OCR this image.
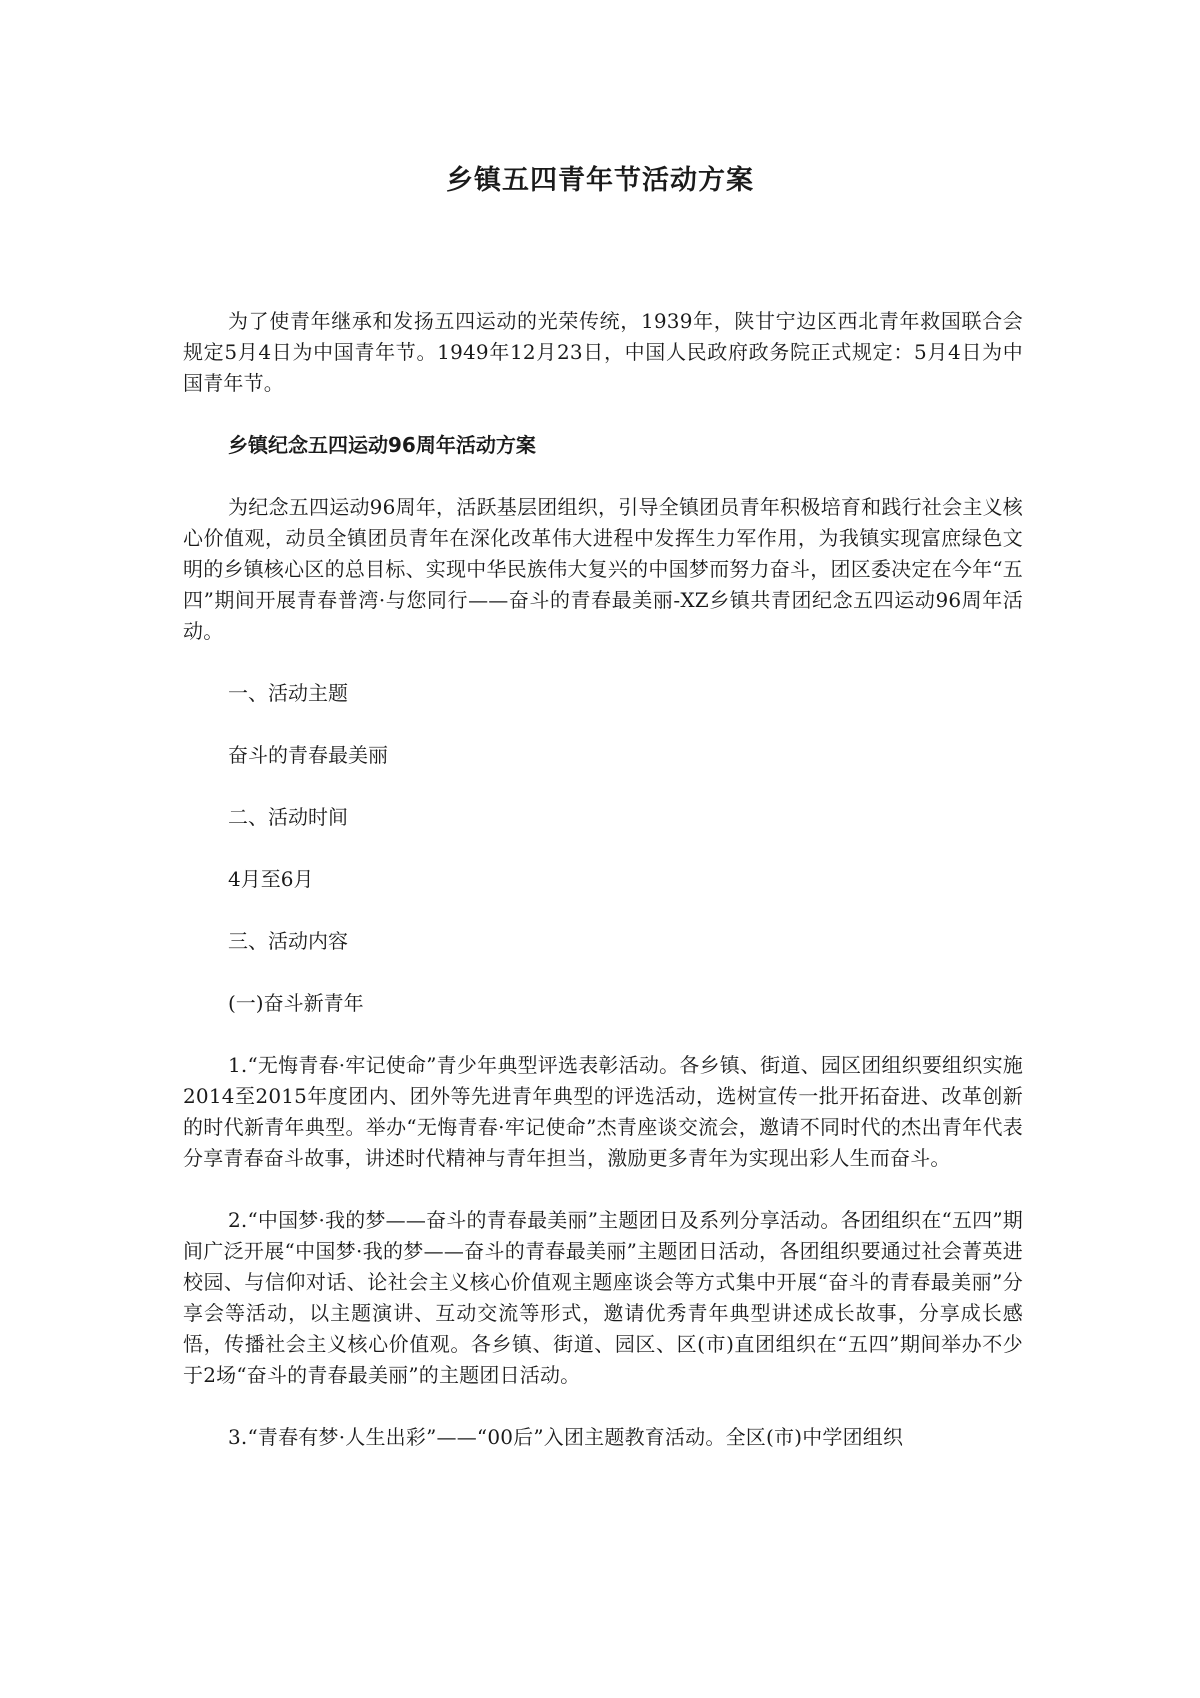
乡镇五四青年节活动方案

为了使青年继承和发扬五四运动的光荣传统，1939年，陕甘宁边区西北青年救国联合会规定5月4日为中国青年节。1949年12月23日，中国人民政府政务院正式规定：5月4日为中国青年节。

乡镇纪念五四运动96周年活动方案

为纪念五四运动96周年，活跃基层团组织，引导全镇团员青年积极培育和践行社会主义核心价值观，动员全镇团员青年在深化改革伟大进程中发挥生力军作用，为我镇实现富庶绿色文明的乡镇核心区的总目标、实现中华民族伟大复兴的中国梦而努力奋斗，团区委决定在今年“五四”期间开展青春普湾·与您同行——奋斗的青春最美丽-XZ乡镇共青团纪念五四运动96周年活动。

一、活动主题

奋斗的青春最美丽

二、活动时间

4月至6月

三、活动内容

(一)奋斗新青年

1.“无悔青春·牢记使命”青少年典型评选表彰活动。各乡镇、街道、园区团组织要组织实施2014至2015年度团内、团外等先进青年典型的评选活动，选树宣传一批开拓奋进、改革创新的时代新青年典型。举办“无悔青春·牢记使命”杰青座谈交流会，邀请不同时代的杰出青年代表分享青春奋斗故事，讲述时代精神与青年担当，激励更多青年为实现出彩人生而奋斗。

2.“中国梦·我的梦——奋斗的青春最美丽”主题团日及系列分享活动。各团组织在“五四”期间广泛开展“中国梦·我的梦——奋斗的青春最美丽”主题团日活动，各团组织要通过社会菁英进校园、与信仰对话、论社会主义核心价值观主题座谈会等方式集中开展“奋斗的青春最美丽”分享会等活动，以主题演讲、互动交流等形式，邀请优秀青年典型讲述成长故事，分享成长感悟，传播社会主义核心价值观。各乡镇、街道、园区、区(市)直团组织在“五四”期间举办不少于2场“奋斗的青春最美丽”的主题团日活动。

3.“青春有梦·人生出彩”——“00后”入团主题教育活动。全区(市)中学团组织
